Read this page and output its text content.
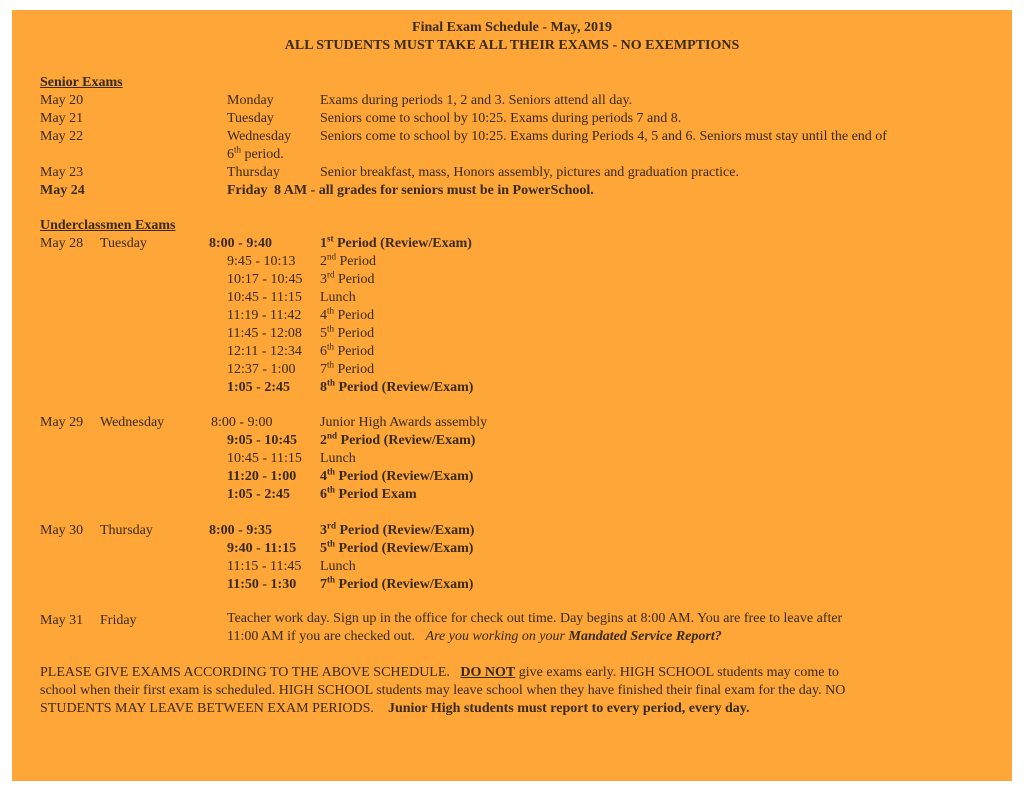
Final Exam Schedule - May, 2019
ALL STUDENTS MUST TAKE ALL THEIR EXAMS - NO EXEMPTIONS
Senior Exams
May 20	Monday	Exams during periods 1, 2 and 3. Seniors attend all day.
May 21	Tuesday	Seniors come to school by 10:25. Exams during periods 7 and 8.
May 22	Wednesday Seniors come to school by 10:25. Exams during Periods 4, 5 and 6. Seniors must stay until the end of
6th period.
May 23	Thursday	Senior breakfast, mass, Honors assembly, pictures and graduation practice.
May 24	Friday 8 AM - all grades for seniors must be in PowerSchool.
Underclassmen Exams
May 28 Tuesday	8:00 - 9:40	1st Period (Review/Exam)
9:45 - 10:13 2nd Period
10:17 - 10:45 3rd Period
10:45 - 11:15 Lunch
11:19 - 11:42 4th Period
11:45 - 12:08 5th Period
12:11 - 12:34 6th Period
12:37 - 1:00 7th Period
1:05 - 2:45 8th Period (Review/Exam)
May 29 Wednesday	8:00 - 9:00	Junior High Awards assembly
9:05 - 10:45 2nd Period (Review/Exam)
10:45 - 11:15 Lunch
11:20 - 1:00 4th Period (Review/Exam)
1:05 - 2:45 6th Period Exam
May 30 Thursday	8:00 - 9:35	3rd Period (Review/Exam)
9:40 - 11:15 5th Period (Review/Exam)
11:15 - 11:45 Lunch
11:50 - 1:30 7th Period (Review/Exam)
May 31 Friday	Teacher work day. Sign up in the office for check out time. Day begins at 8:00 AM. You are free to leave after
11:00 AM if you are checked out. Are you working on your Mandated Service Report?
PLEASE GIVE EXAMS ACCORDING TO THE ABOVE SCHEDULE. DO NOT give exams early. HIGH SCHOOL students may come to
school when their first exam is scheduled. HIGH SCHOOL students may leave school when they have finished their final exam for the day. NO
STUDENTS MAY LEAVE BETWEEN EXAM PERIODS. Junior High students must report to every period, every day.
